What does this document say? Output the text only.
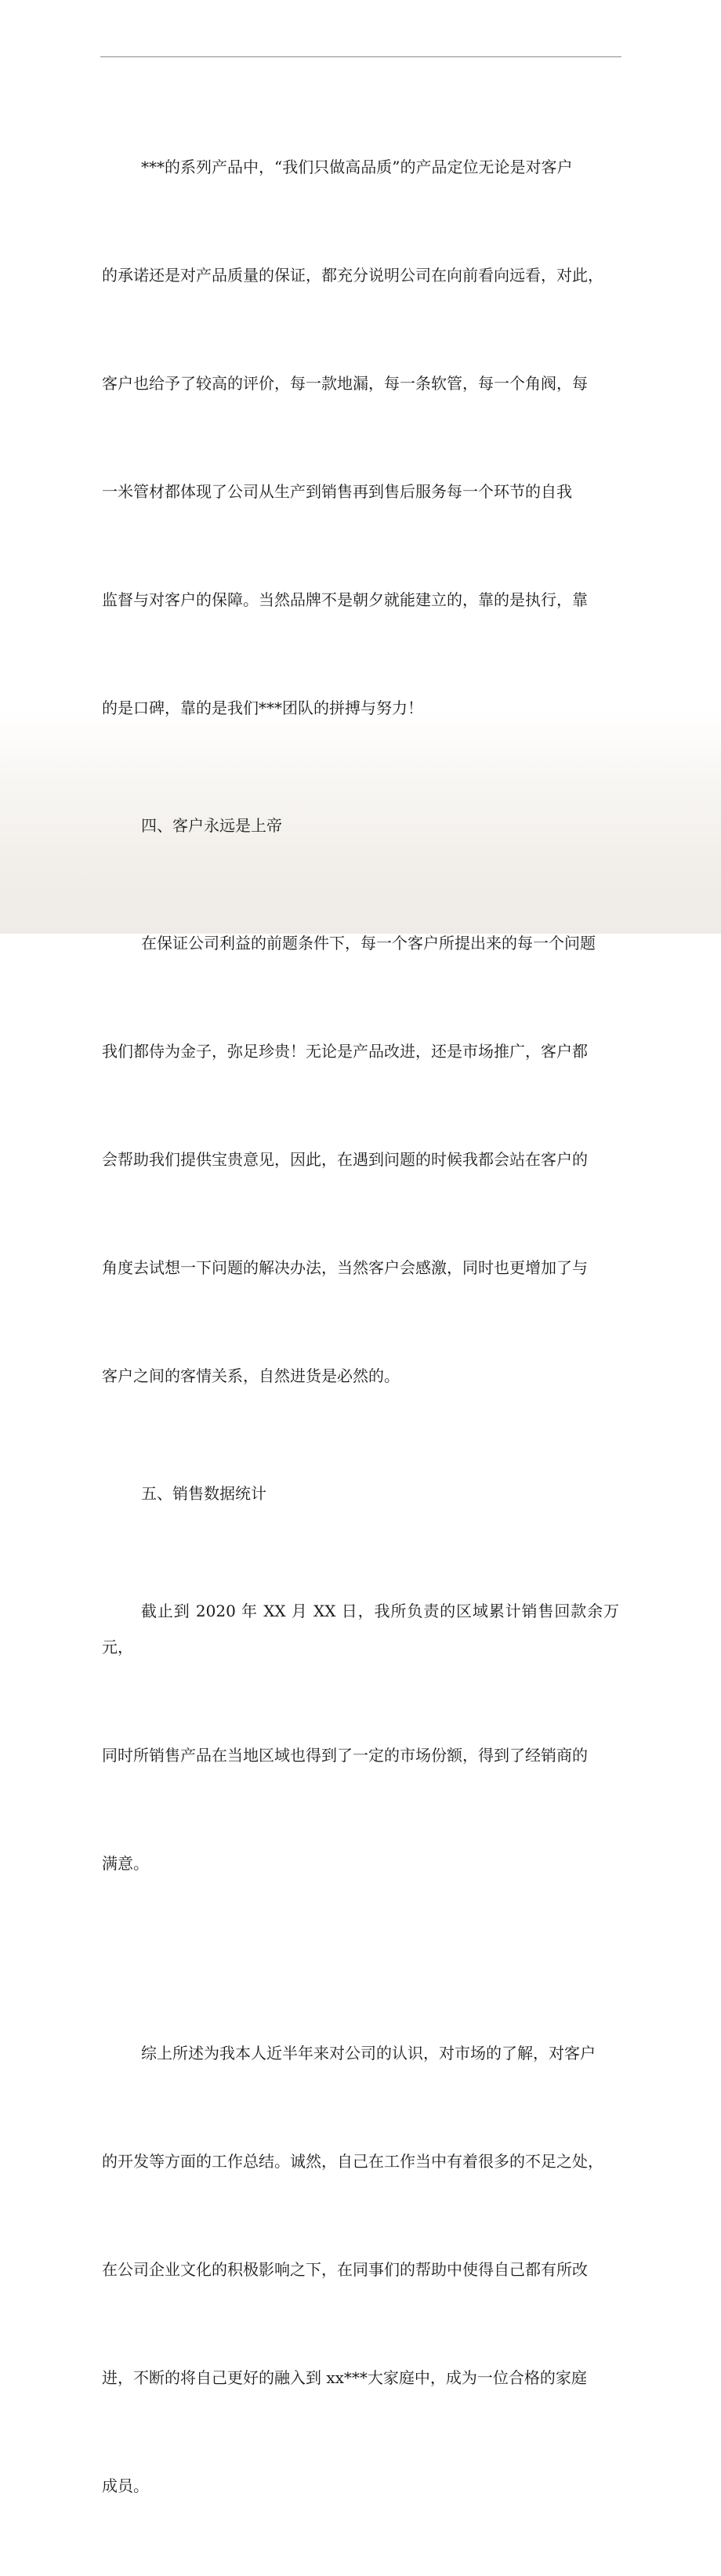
***的系列产品中，“我们只做高品质”的产品定位无论是对客户

的承诺还是对产品质量的保证，都充分说明公司在向前看向远看，对此，

客户也给予了较高的评价，每一款地漏，每一条软管，每一个角阀，每

一米管材都体现了公司从生产到销售再到售后服务每一个环节的自我

监督与对客户的保障。当然品牌不是朝夕就能建立的，靠的是执行，靠

的是口碑，靠的是我们***团队的拼搏与努力！

四、客户永远是上帝

在保证公司利益的前题条件下，每一个客户所提出来的每一个问题

我们都侍为金子，弥足珍贵！无论是产品改进，还是市场推广，客户都

会帮助我们提供宝贵意见，因此，在遇到问题的时候我都会站在客户的

角度去试想一下问题的解决办法，当然客户会感激，同时也更增加了与

客户之间的客情关系，自然进货是必然的。

五、销售数据统计

截止到 2020 年 XX 月 XX 日，我所负责的区域累计销售回款余万元，

同时所销售产品在当地区域也得到了一定的市场份额，得到了经销商的

满意。

综上所述为我本人近半年来对公司的认识，对市场的了解，对客户

的开发等方面的工作总结。诚然，自己在工作当中有着很多的不足之处，

在公司企业文化的积极影响之下，在同事们的帮助中使得自己都有所改

进，不断的将自己更好的融入到 xx***大家庭中，成为一位合格的家庭

成员。
